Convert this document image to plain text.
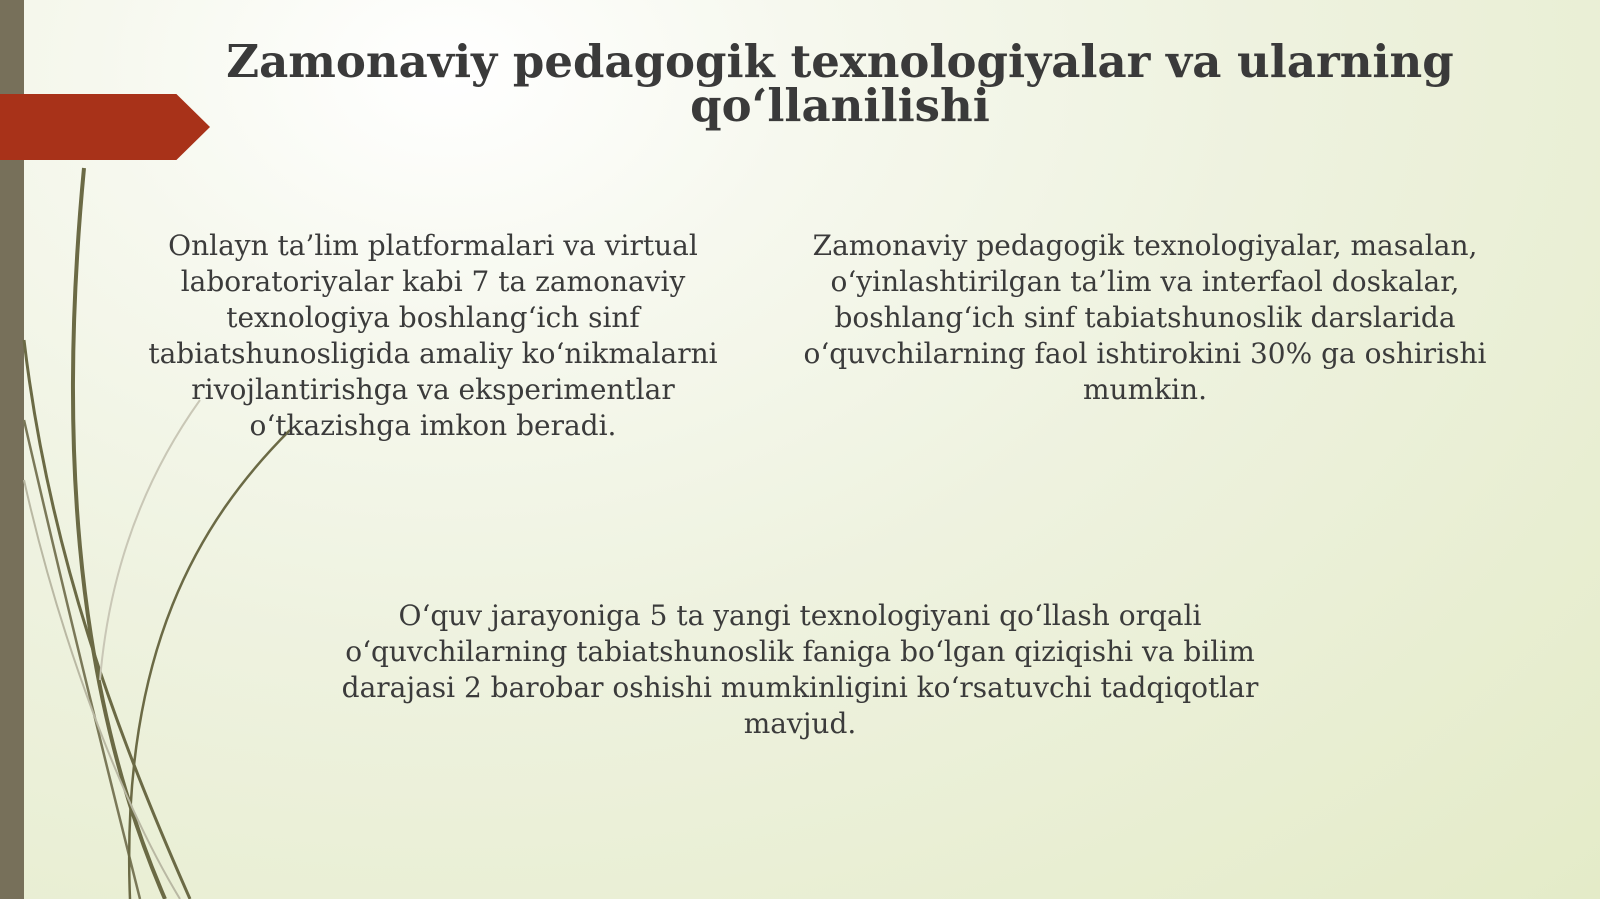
Zamonaviy pedagogik texnologiyalar va ularning qo‘llanilishi

Onlayn ta’lim platformalari va virtual laboratoriyalar kabi 7 ta zamonaviy texnologiya boshlang‘ich sinf tabiatshunosligida amaliy ko‘nikmalarni rivojlantirishga va eksperimentlar o‘tkazishga imkon beradi.

Zamonaviy pedagogik texnologiyalar, masalan, o‘yinlashtirilgan ta’lim va interfaol doskalar, boshlang‘ich sinf tabiatshunoslik darslarida o‘quvchilarning faol ishtirokini 30% ga oshirishi mumkin.

O‘quv jarayoniga 5 ta yangi texnologiyani qo‘llash orqali o‘quvchilarning tabiatshunoslik faniga bo‘lgan qiziqishi va bilim darajasi 2 barobar oshishi mumkinligini ko‘rsatuvchi tadqiqotlar mavjud.
